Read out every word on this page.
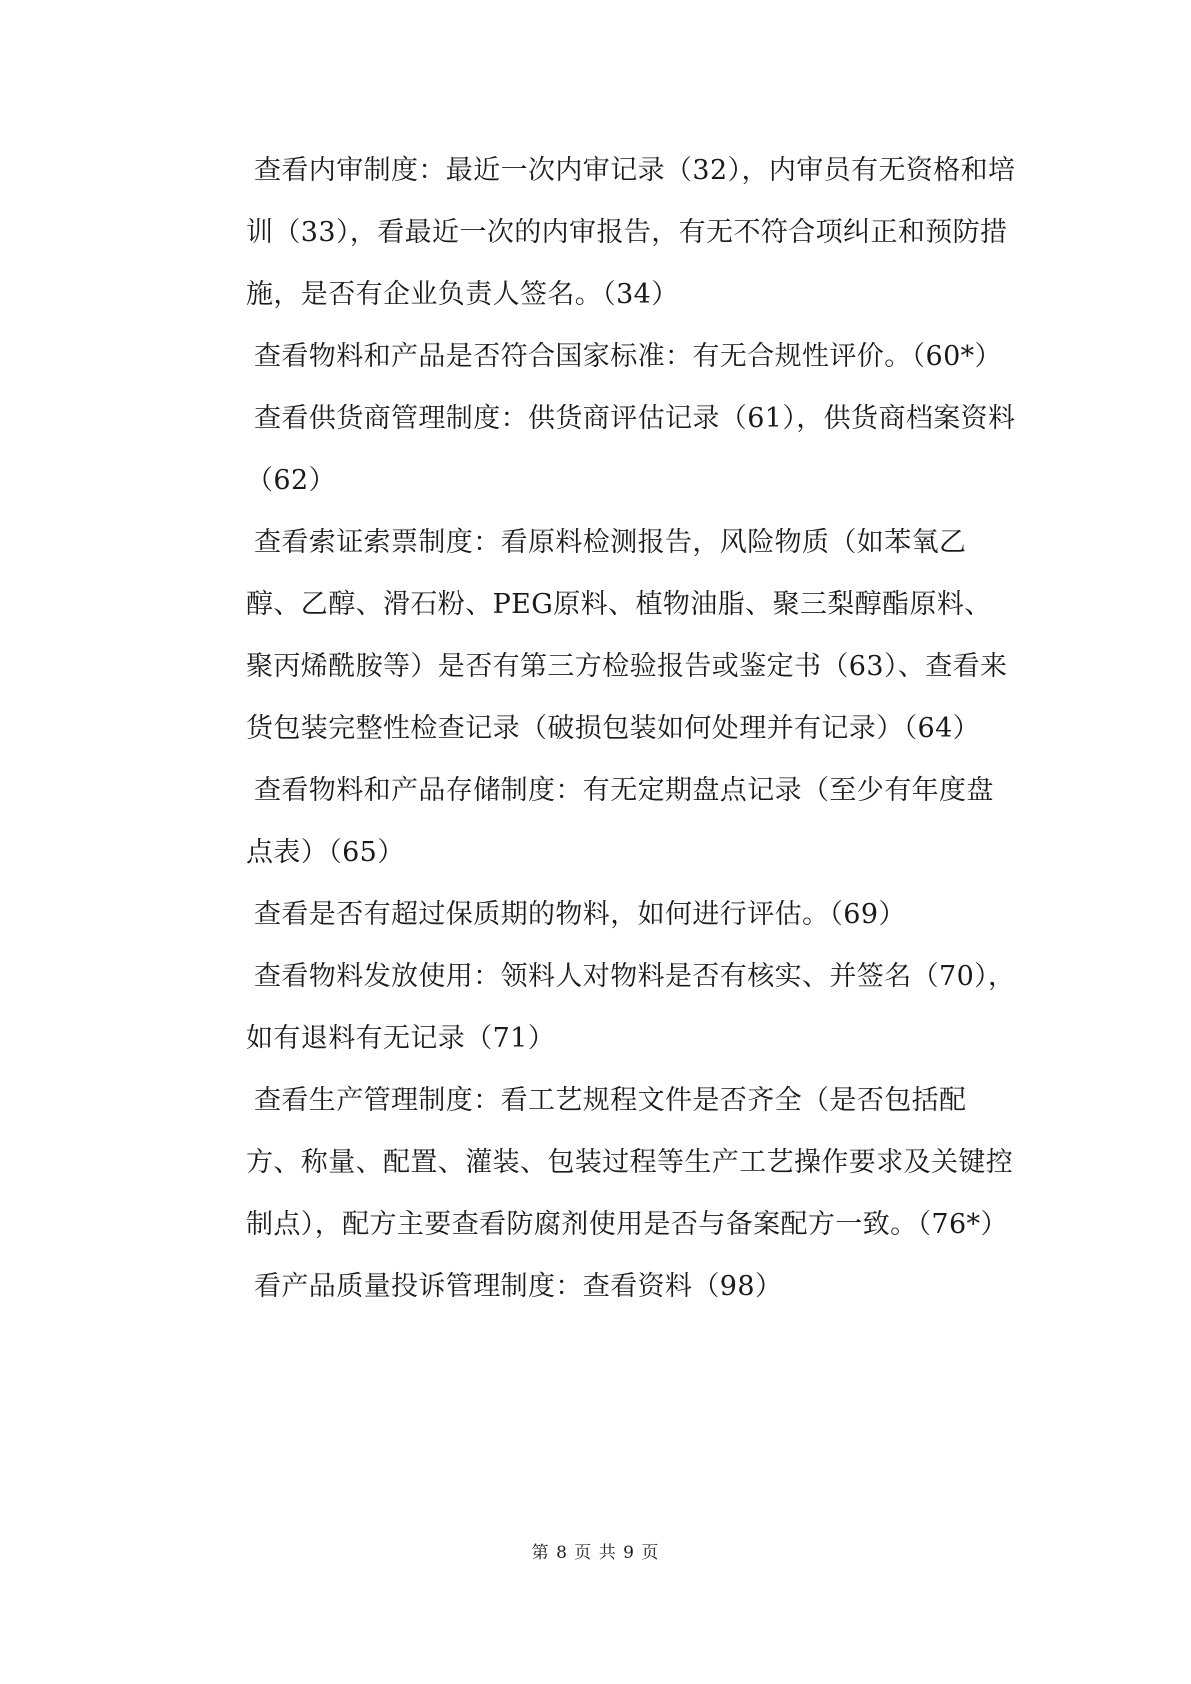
查看内审制度：最近一次内审记录（32），内审员有无资格和培训（33），看最近一次的内审报告，有无不符合项纠正和预防措施，是否有企业负责人签名。（34）

查看物料和产品是否符合国家标准：有无合规性评价。（60*）

查看供货商管理制度：供货商评估记录（61），供货商档案资料（62）

查看索证索票制度：看原料检测报告，风险物质（如苯氧乙醇、乙醇、滑石粉、PEG原料、植物油脂、聚三梨醇酯原料、聚丙烯酰胺等）是否有第三方检验报告或鉴定书（63）、查看来货包装完整性检查记录（破损包装如何处理并有记录）（64）

查看物料和产品存储制度：有无定期盘点记录（至少有年度盘点表）（65）

查看是否有超过保质期的物料，如何进行评估。（69）

查看物料发放使用：领料人对物料是否有核实、并签名（70），如有退料有无记录（71）

查看生产管理制度：看工艺规程文件是否齐全（是否包括配方、称量、配置、灌装、包装过程等生产工艺操作要求及关键控制点），配方主要查看防腐剂使用是否与备案配方一致。（76*）

看产品质量投诉管理制度：查看资料（98）

第 8 页 共 9 页
